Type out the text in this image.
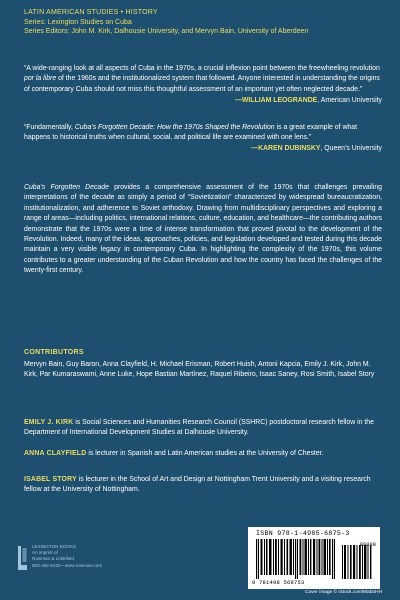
LATIN AMERICAN STUDIES • HISTORY
Series: Lexington Studies on Cuba
Series Editors: John M. Kirk, Dalhousie University, and Mervyn Bain, University of Aberdeen

“A wide-ranging look at all aspects of Cuba in the 1970s, a crucial inflexion point between the freewheeling revolution por la libre of the 1960s and the institutionalized system that followed. Anyone interested in understanding the origins of contemporary Cuba should not miss this thoughtful assessment of an important yet often neglected decade.”

—WILLIAM LEOGRANDE, American University

“Fundamentally, Cuba’s Forgotten Decade: How the 1970s Shaped the Revolution is a great example of what happens to historical truths when cultural, social, and political life are examined with one lens.”

—KAREN DUBINSKY, Queen’s University

Cuba’s Forgotten Decade provides a comprehensive assessment of the 1970s that challenges prevailing interpretations of the decade as simply a period of “Sovietization” characterized by widespread bureaucratization, institutionalization, and adherence to Soviet orthodoxy. Drawing from multidisciplinary perspectives and exploring a range of areas—including politics, international relations, culture, education, and healthcare—the contributing authors demonstrate that the 1970s were a time of intense transformation that proved pivotal to the development of the Revolution. Indeed, many of the ideas, approaches, policies, and legislation developed and tested during this decade maintain a very visible legacy in contemporary Cuba. In highlighting the complexity of the 1970s, this volume contributes to a greater understanding of the Cuban Revolution and how the country has faced the challenges of the twenty-first century.
CONTRIBUTORS
Mervyn Bain, Guy Baron, Anna Clayfield, H. Michael Erisman, Robert Huish, Antoni Kapcia, Emily J. Kirk, John M. Kirk, Par Kumaraswami, Anne Luke, Hope Bastian Martínez, Raquel Ribeiro, Isaac Saney, Rosi Smith, Isabel Story
EMILY J. KIRK is Social Sciences and Humanities Research Council (SSHRC) postdoctoral research fellow in the Department of International Development Studies at Dalhousie University.
ANNA CLAYFIELD is lecturer in Spanish and Latin American studies at the University of Chester.
ISABEL STORY is lecturer in the School of Art and Design at Nottingham Trent University and a visiting research fellow at the University of Nottingham.
LEXINGTON BOOKS
An imprint of
Rowman & Littlefield
800-462-6420 • www.rowman.com
ISBN 978-1-4985-6875-3
90000
9 781498 568753
Cover image © iStock.com/MaboHH
